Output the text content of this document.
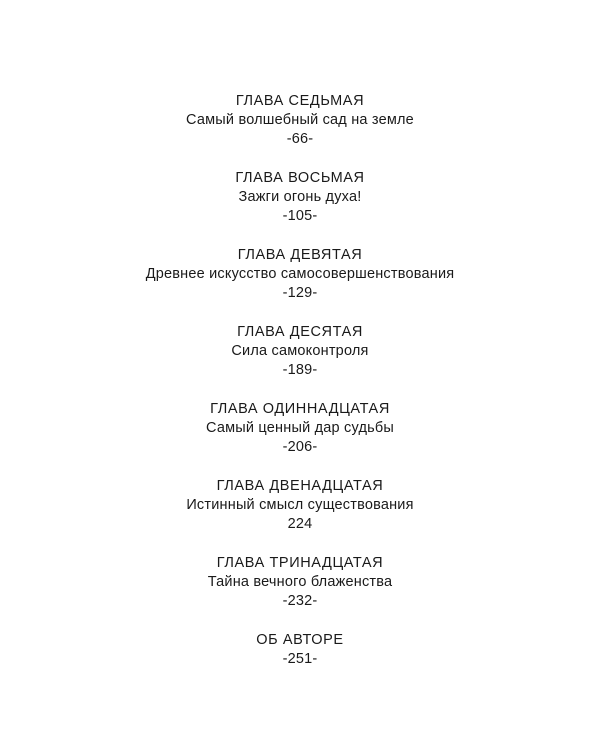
ГЛАВА СЕДЬМАЯ
Самый волшебный сад на земле
-66-
ГЛАВА ВОСЬМАЯ
Зажги огонь духа!
-105-
ГЛАВА ДЕВЯТАЯ
Древнее искусство самосовершенствования
-129-
ГЛАВА ДЕСЯТАЯ
Сила самоконтроля
-189-
ГЛАВА ОДИННАДЦАТАЯ
Самый ценный дар судьбы
-206-
ГЛАВА ДВЕНАДЦАТАЯ
Истинный смысл существования
224
ГЛАВА ТРИНАДЦАТАЯ
Тайна вечного блаженства
-232-
ОБ АВТОРЕ
-251-
